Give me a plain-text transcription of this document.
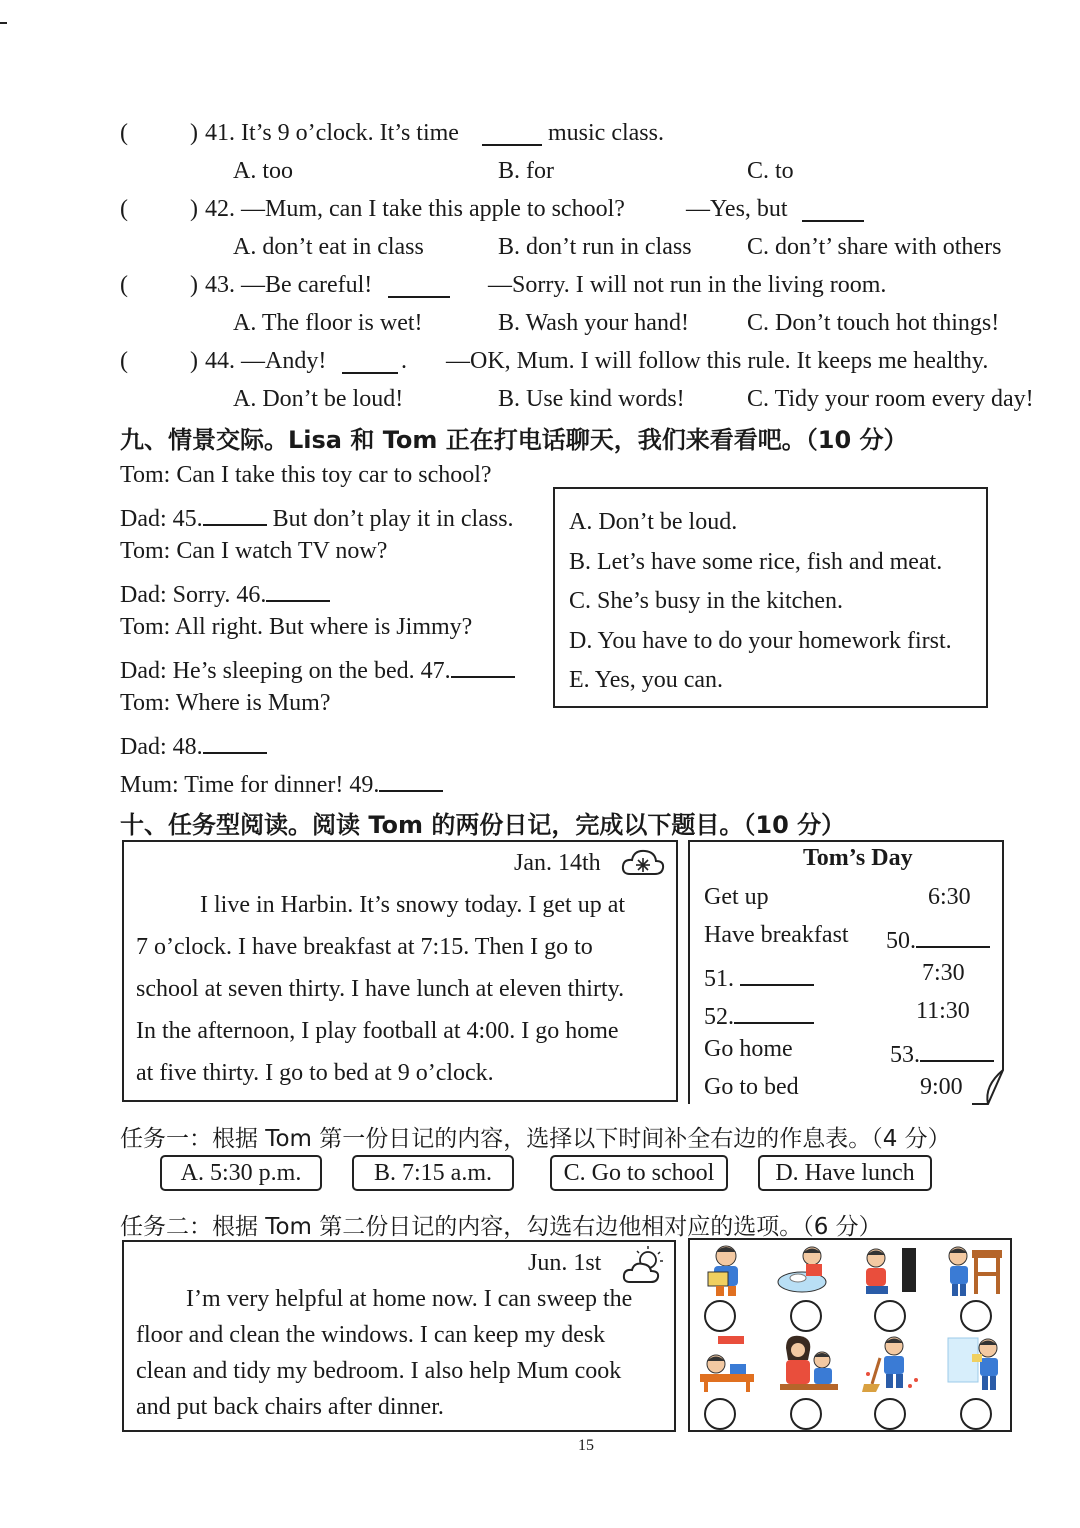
(	) 41. It’s 9 o’clock. It’s time	music class.
A. too	B. for	C. to
(	) 42. —Mum, can I take this apple to school?	—Yes, but
A. don’t eat in class	B. don’t run in class C. don’t’ share with others
(	) 43. —Be careful!	—Sorry. I will not run in the living room.
A. The floor is wet!	B. Wash your hand! C. Don’t touch hot things!
(	) 44. —Andy!	. —OK, Mum. I will follow this rule. It keeps me healthy.
A. Don’t be loud!	B. Use kind words!	C. Tidy your room every day!
九、情景交际。Lisa 和 Tom 正在打电话聊天，我们来看看吧。（10 分）
Tom: Can I take this toy car to school?
Dad: 45.	But don’t play it in class.
Tom: Can I watch TV now?
Dad: Sorry. 46.
Tom: All right. But where is Jimmy?
Dad: He’s sleeping on the bed. 47.
Tom: Where is Mum?
Dad: 48.
Mum: Time for dinner! 49.
A. Don’t be loud.
B. Let’s have some rice, fish and meat.
C. She’s busy in the kitchen.
D. You have to do your homework first.
E. Yes, you can.
十、任务型阅读。阅读 Tom 的两份日记，完成以下题目。（10 分）
Jan. 14th
I live in Harbin. It’s snowy today. I get up at
7 o’clock. I have breakfast at 7:15. Then I go to
school at seven thirty. I have lunch at eleven thirty.
In the afternoon, I play football at 4:00. I go home
at five thirty. I go to bed at 9 o’clock.
Tom’s Day
Get up	6:30
Have breakfast 50.
51.	7:30
52.	11:30
Go home	53.
Go to bed	9:00
任务一：根据 Tom 第一份日记的内容，选择以下时间补全右边的作息表。（4 分）
A. 5:30 p.m.	B. 7:15 a.m.	C. Go to school	D. Have lunch
任务二：根据 Tom 第二份日记的内容，勾选右边他相对应的选项。（6 分）
Jun. 1st
I’m very helpful at home now. I can sweep the
floor and clean the windows. I can keep my desk
clean and tidy my bedroom. I also help Mum cook
and put back chairs after dinner.
15
